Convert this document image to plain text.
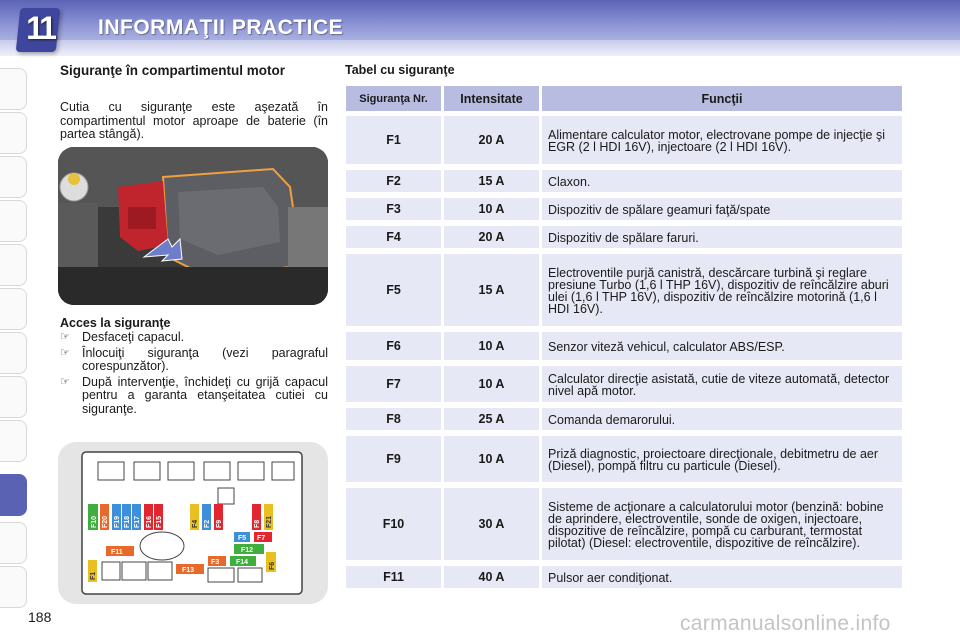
11	INFORMAŢII PRACTICE
Siguranţe în compartimentul motor
Cutia cu siguranţe este aşezată în compartimentul motor aproape de baterie (în partea stângă).
Acces la siguranţe
☞ Desfaceţi capacul.
☞ Înlocuiţi siguranţa (vezi paragraful corespunzător).
☞ După intervenţie, închideţi cu grijă capacul pentru a garanta etanşeitatea cutiei cu siguranţe.
F10 F20 F19 F18 F17 F16 F15	F4 F2 F9	F8 F21
F11
F5 F7
F12
F3 F14	F6
F1
F13
188
Tabel cu siguranţe
Siguranţa Nr.	Intensitate	Funcţii

F1	20 A	Alimentare calculator motor, electrovane pompe de injecţie şi EGR (2 l HDI 16V), injectoare (2 l HDI 16V).

F2	15 A	Claxon.

F3	10 A	Dispozitiv de spălare geamuri faţă/spate

F4	20 A	Dispozitiv de spălare faruri.

F5	15 A	Electroventile purjă canistră, descărcare turbină şi reglare presiune Turbo (1,6 l THP 16V), dispozitiv de reîncălzire aburi ulei (1,6 l THP 16V), dispozitiv de reîncălzire motorină (1,6 l HDI 16V).

F6	10 A	Senzor viteză vehicul, calculator ABS/ESP.

F7	10 A	Calculator direcţie asistată, cutie de viteze automată, detector nivel apă motor.

F8	25 A	Comanda demarorului.

F9	10 A	Priză diagnostic, proiectoare direcţionale, debitmetru de aer (Diesel), pompă filtru cu particule (Diesel).

F10	30 A	Sisteme de acţionare a calculatorului motor (benzină: bobine de aprindere, electroventile, sonde de oxigen, injectoare, dispozitive de reîncălzire, pompă cu carburant, termostat pilotat) (Diesel: electroventile, dispozitive de reîncălzire).

F11	40 A	Pulsor aer condiţionat.
carmanualsonline.info
